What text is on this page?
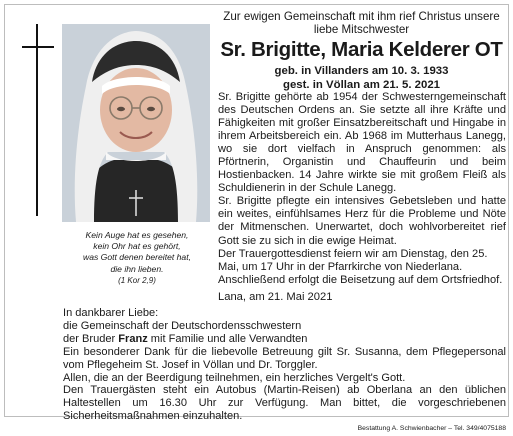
Kein Auge hat es gesehen,
kein Ohr hat es gehört,
was Gott denen bereitet hat,
die ihn lieben.
(1 Kor 2,9)
Zur ewigen Gemeinschaft mit ihm rief Christus unsere liebe Mitschwester
Sr. Brigitte, Maria Kelderer OT
geb. in Villanders am 10. 3. 1933
gest. in Völlan am 21. 5. 2021

Sr. Brigitte gehörte ab 1954 der Schwesterngemeinschaft des Deutschen Ordens an. Sie setzte all ihre Kräfte und Fähigkeiten mit großer Einsatzbereitschaft und Hingabe in ihrem Arbeitsbereich ein. Ab 1968 im Mutterhaus Lanegg, wo sie dort vielfach in Anspruch genommen: als Pförtnerin, Organistin und Chauffeurin und beim Hostienbacken. 14 Jahre wirkte sie mit großem Fleiß als Schuldienerin in der Schule Lanegg.

Sr. Brigitte pflegte ein intensives Gebetsleben und hatte ein weites, einfühlsames Herz für die Probleme und Nöte der Mitmenschen. Unerwartet, doch wohlvorbereitet rief Gott sie zu sich in die ewige Heimat.

Der Trauergottesdienst feiern wir am Dienstag, den 25. Mai, um 17 Uhr in der Pfarrkirche von Niederlana. Anschließend erfolgt die Beisetzung auf dem Ortsfriedhof.

Lana, am 21. Mai 2021

In dankbarer Liebe:

die Gemeinschaft der Deutschordensschwestern

der Bruder Franz mit Familie und alle Verwandten

Ein besonderer Dank für die liebevolle Betreuung gilt Sr. Susanna, dem Pflegepersonal vom Pflegeheim St. Josef in Völlan und Dr. Torggler.

Allen, die an der Beerdigung teilnehmen, ein herzliches Vergelt's Gott.

Den Trauergästen steht ein Autobus (Martin-Reisen) ab Oberlana an den üblichen Haltestellen um 16.30 Uhr zur Verfügung. Man bittet, die vorgeschriebenen Sicherheitsmaßnahmen einzuhalten.

Bestattung A. Schwienbacher – Tel. 349/4075188
